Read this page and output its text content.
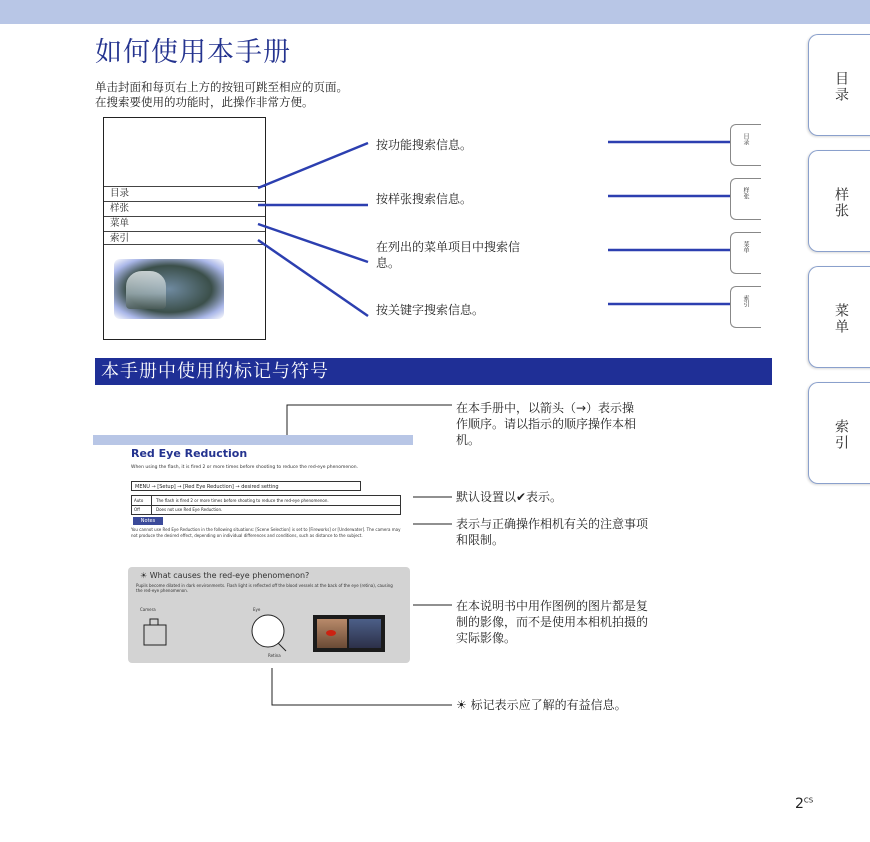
如何使用本手册
单击封面和每页右上方的按钮可跳至相应的页面。
在搜索要使用的功能时，此操作非常方便。	目录
样张
菜单
索引
目录
样张
菜单
索引
按功能搜索信息。
按样张搜索信息。
在列出的菜单项目中搜索信
息。
按关键字搜索信息。
目录
样张
菜单
索引
本手册中使用的标记与符号
Red Eye Reduction
When using the flash, it is fired 2 or more times before shooting to reduce the red-eye phenomenon.
MENU → [Setup] → [Red Eye Reduction] → desired setting
Auto	The flash is fired 2 or more times before shooting to reduce the red-eye phenomenon.
Off	Does not use Red Eye Reduction.
Notes
You cannot use Red Eye Reduction in the following situations: [Scene Selection] is set to [Fireworks] or [Underwater]. The camera may not produce the desired effect, depending on individual differences and conditions, such as distance to the subject.
☀ What causes the red-eye phenomenon?
Pupils become dilated in dark environments. Flash light is reflected off the blood vessels at the back of the eye (retina), causing the red-eye phenomenon.
Camera	Eye
Retina
在本手册中，以箭头（→）表示操
作顺序。请以指示的顺序操作本相
机。
默认设置以✔表示。
表示与正确操作相机有关的注意事项
和限制。
在本说明书中用作图例的图片都是复
制的影像，而不是使用本相机拍摄的
实际影像。
☀ 标记表示应了解的有益信息。
$2^{CS}$
